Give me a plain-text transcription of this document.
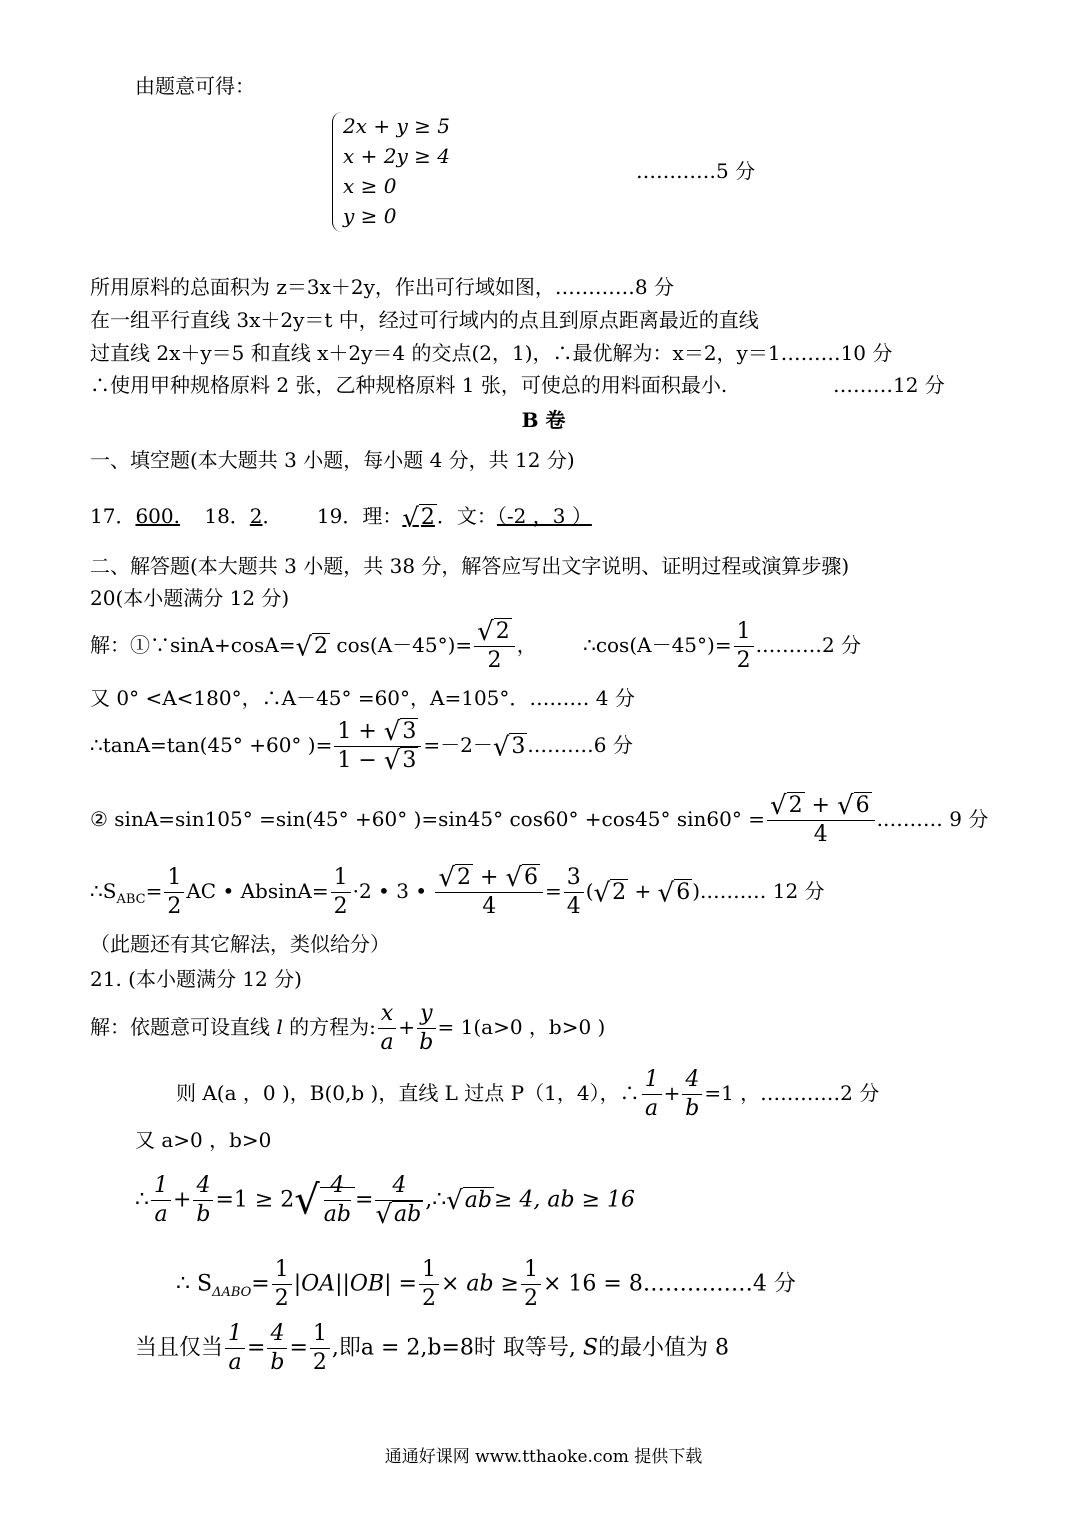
由题意可得：
2x + y ≥ 5
x + 2y ≥ 4
x ≥ 0
y ≥ 0
…………5 分
所用原料的总面积为 z＝3x＋2y，作出可行域如图，…………8 分
在一组平行直线 3x＋2y＝t 中，经过可行域内的点且到原点距离最近的直线
过直线 2x＋y＝5 和直线 x＋2y＝4 的交点(2，1)，∴最优解为：x＝2，y＝1………10 分
∴使用甲种规格原料 2 张，乙种规格原料 1 张，可使总的用料面积最小.	………12 分
B 卷
一、填空题(本大题共 3 小题，每小题 4 分，共 12 分)
17．600. 18．2． 19．理：√2 ．文：（-2 ，3 ）
二、解答题(本大题共 3 小题，共 38 分，解答应写出文字说明、证明过程或演算步骤)
20(本小题满分 12 分)
解：①∵sinA+cosA=√2 $\cos(A-45^\circ)= \frac{√2}{2}$ ， ∴cos(A－45°)= $\frac{1}{2}$ .………2 分
又 0° <A<180°，∴A－45° =60°，A=105°．……… 4 分
∴tanA=tan(45° +60° )= $\frac{1 + √3}{1 - √3} =-2-√3$ .………6 分
② sinA=sin105° =sin(45° +60° )=sin45° cos60° +cos45° $\sin 60^\circ = \frac{√2 + √6}{4}$ .……… 9 分
$\therefore S_{ABC}= \frac{1}{2}$ AC • $AbsinA= \frac{1}{2} \cdot 2$ • 3 • $\frac{√2 + √6}{4} = \frac{3}{4} (√2 + √6$ ).……… 12 分
（此题还有其它解法，类似给分）
21. (本小题满分 12 分)
解：依题意可设直线 l 的方程为: $\frac{x}{a} + \frac{y}{b} = 1(a>0$ ，b>0 )
则 A(a ，0 )，B(0,b )，直线 L 过点 P（1，4），∴ $\frac{1}{a} + \frac{4}{b} =1$ ，…………2 分
又 a>0 ，b>0
∴ $\frac{1}{a} + \frac{4}{b} =1 \ge 2√ \frac{4}{ab} = \frac{4}{√ab}$ ,∴√ab≥ 4, ab ≥ 16
∴ $S_{\Delta ABO}= \frac{1}{2} |OA||OB| = \frac{1}{2}$ × ab ≥ $\frac{1}{2} \times 16$ = 8……………4 分
当且仅当 $\frac{1}{a} = \frac{4}{b} = \frac{1}{2}$ ,即a = 2,b=8时 取等号, S的最小值为 8
通通好课网 www.tthaoke.com 提供下载
